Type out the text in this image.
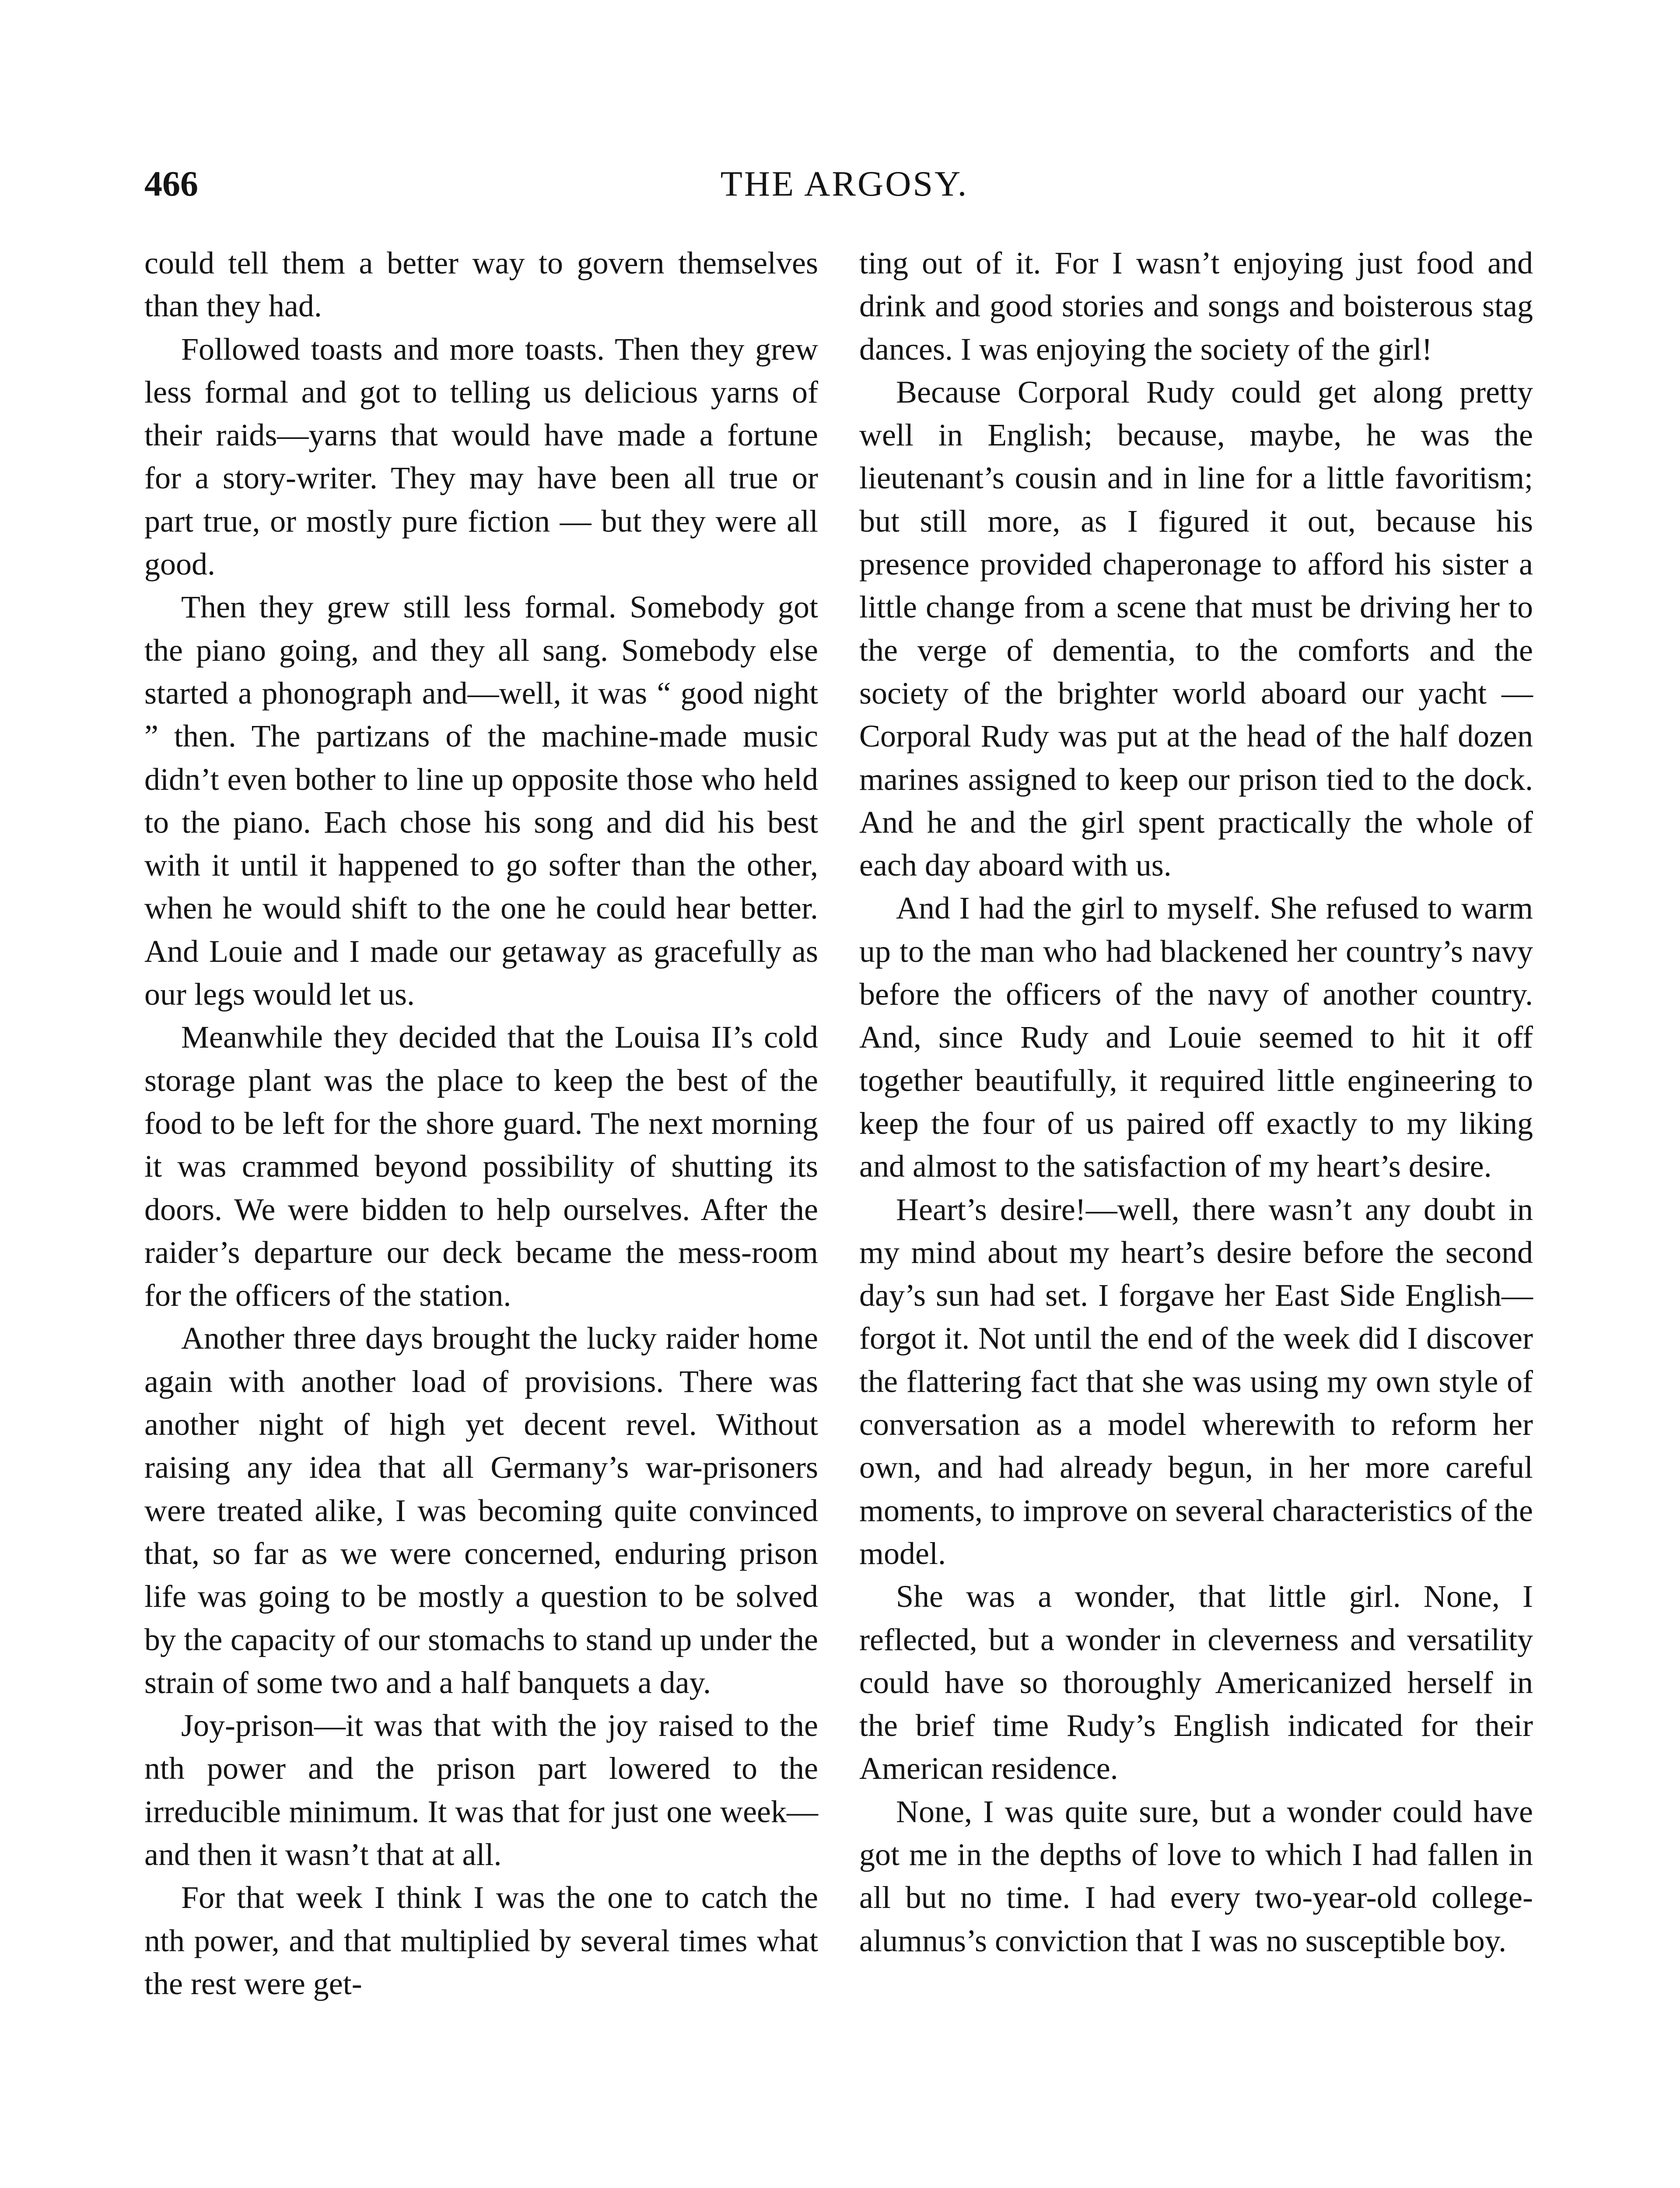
466	THE ARGOSY.

could tell them a better way to govern themselves than they had.

Followed toasts and more toasts. Then they grew less formal and got to telling us delicious yarns of their raids—yarns that would have made a fortune for a story-writer. They may have been all true or part true, or mostly pure fiction — but they were all good.

Then they grew still less formal. Somebody got the piano going, and they all sang. Somebody else started a phonograph and—well, it was “ good night ” then. The partizans of the machine-made music didn’t even bother to line up opposite those who held to the piano. Each chose his song and did his best with it until it happened to go softer than the other, when he would shift to the one he could hear better. And Louie and I made our getaway as gracefully as our legs would let us.

Meanwhile they decided that the Louisa II’s cold storage plant was the place to keep the best of the food to be left for the shore guard. The next morning it was crammed beyond possibility of shutting its doors. We were bidden to help ourselves. After the raider’s departure our deck became the mess-room for the officers of the station.

Another three days brought the lucky raider home again with another load of provisions. There was another night of high yet decent revel. Without raising any idea that all Germany’s war-prisoners were treated alike, I was becoming quite convinced that, so far as we were concerned, enduring prison life was going to be mostly a question to be solved by the capacity of our stomachs to stand up under the strain of some two and a half banquets a day.

Joy-prison—it was that with the joy raised to the nth power and the prison part lowered to the irreducible minimum. It was that for just one week—and then it wasn’t that at all.

For that week I think I was the one to catch the nth power, and that multiplied by several times what the rest were get-

ting out of it. For I wasn’t enjoying just food and drink and good stories and songs and boisterous stag dances. I was enjoying the society of the girl!

Because Corporal Rudy could get along pretty well in English; because, maybe, he was the lieutenant’s cousin and in line for a little favoritism; but still more, as I figured it out, because his presence provided chaperonage to afford his sister a little change from a scene that must be driving her to the verge of dementia, to the comforts and the society of the brighter world aboard our yacht — Corporal Rudy was put at the head of the half dozen marines assigned to keep our prison tied to the dock. And he and the girl spent practically the whole of each day aboard with us.

And I had the girl to myself. She refused to warm up to the man who had blackened her country’s navy before the officers of the navy of another country. And, since Rudy and Louie seemed to hit it off together beautifully, it required little engineering to keep the four of us paired off exactly to my liking and almost to the satisfaction of my heart’s desire.

Heart’s desire!—well, there wasn’t any doubt in my mind about my heart’s desire before the second day’s sun had set. I forgave her East Side English—forgot it. Not until the end of the week did I discover the flattering fact that she was using my own style of conversation as a model wherewith to reform her own, and had already begun, in her more careful moments, to improve on several characteristics of the model.

She was a wonder, that little girl. None, I reflected, but a wonder in cleverness and versatility could have so thoroughly Americanized herself in the brief time Rudy’s English indicated for their American residence.

None, I was quite sure, but a wonder could have got me in the depths of love to which I had fallen in all but no time. I had every two-year-old college-alumnus’s conviction that I was no susceptible boy.
